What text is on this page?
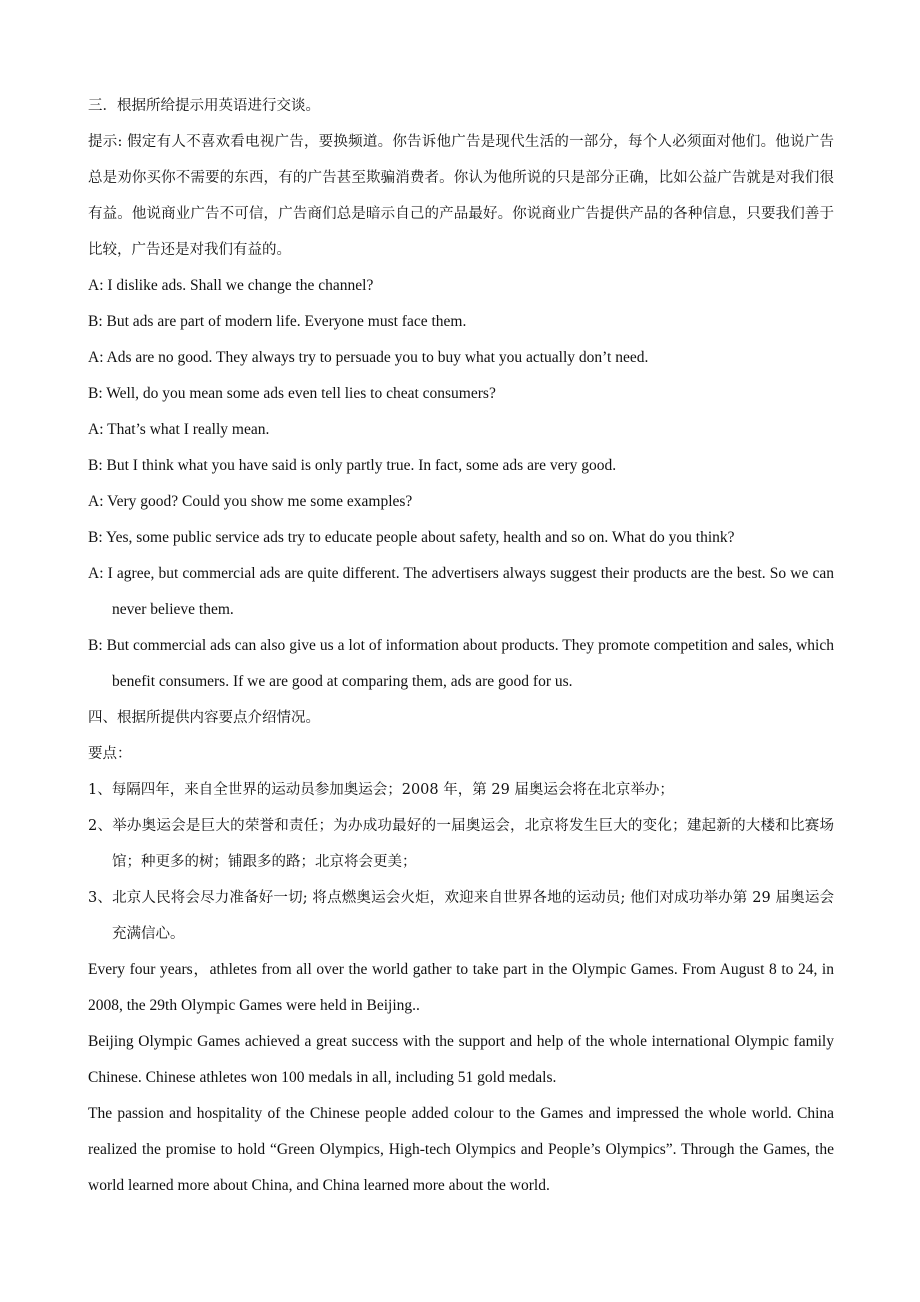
三．根据所给提示用英语进行交谈。
提示: 假定有人不喜欢看电视广告，要换频道。你告诉他广告是现代生活的一部分，每个人必须面对他们。他说广告总是劝你买你不需要的东西，有的广告甚至欺骗消费者。你认为他所说的只是部分正确，比如公益广告就是对我们很有益。他说商业广告不可信，广告商们总是暗示自己的产品最好。你说商业广告提供产品的各种信息，只要我们善于比较，广告还是对我们有益的。
A: I dislike ads. Shall we change the channel?
B: But ads are part of modern life. Everyone must face them.
A: Ads are no good. They always try to persuade you to buy what you actually don’t need.
B: Well, do you mean some ads even tell lies to cheat consumers?
A: That’s what I really mean.
B: But I think what you have said is only partly true. In fact, some ads are very good.
A: Very good? Could you show me some examples?
B: Yes, some public service ads try to educate people about safety, health and so on. What do you think?
A: I agree, but commercial ads are quite different. The advertisers always suggest their products are the best. So we can never believe them.
B: But commercial ads can also give us a lot of information about products. They promote competition and sales, which benefit consumers. If we are good at comparing them, ads are good for us.
四、根据所提供内容要点介绍情况。
要点：
1、每隔四年，来自全世界的运动员参加奥运会；2008 年，第 29 届奥运会将在北京举办；
2、举办奥运会是巨大的荣誉和责任；为办成功最好的一届奥运会，北京将发生巨大的变化；建起新的大楼和比赛场馆；种更多的树；铺跟多的路；北京将会更美；
3、北京人民将会尽力准备好一切; 将点燃奥运会火炬，欢迎来自世界各地的运动员; 他们对成功举办第 29 届奥运会充满信心。
Every four years，athletes from all over the world gather to take part in the Olympic Games. From August 8 to 24, in 2008, the 29th Olympic Games were held in Beijing..
Beijing Olympic Games achieved a great success with the support and help of the whole international Olympic family Chinese. Chinese athletes won 100 medals in all, including 51 gold medals.
The passion and hospitality of the Chinese people added colour to the Games and impressed the whole world. China realized the promise to hold “Green Olympics, High-tech Olympics and People’s Olympics”. Through the Games, the world learned more about China, and China learned more about the world.
